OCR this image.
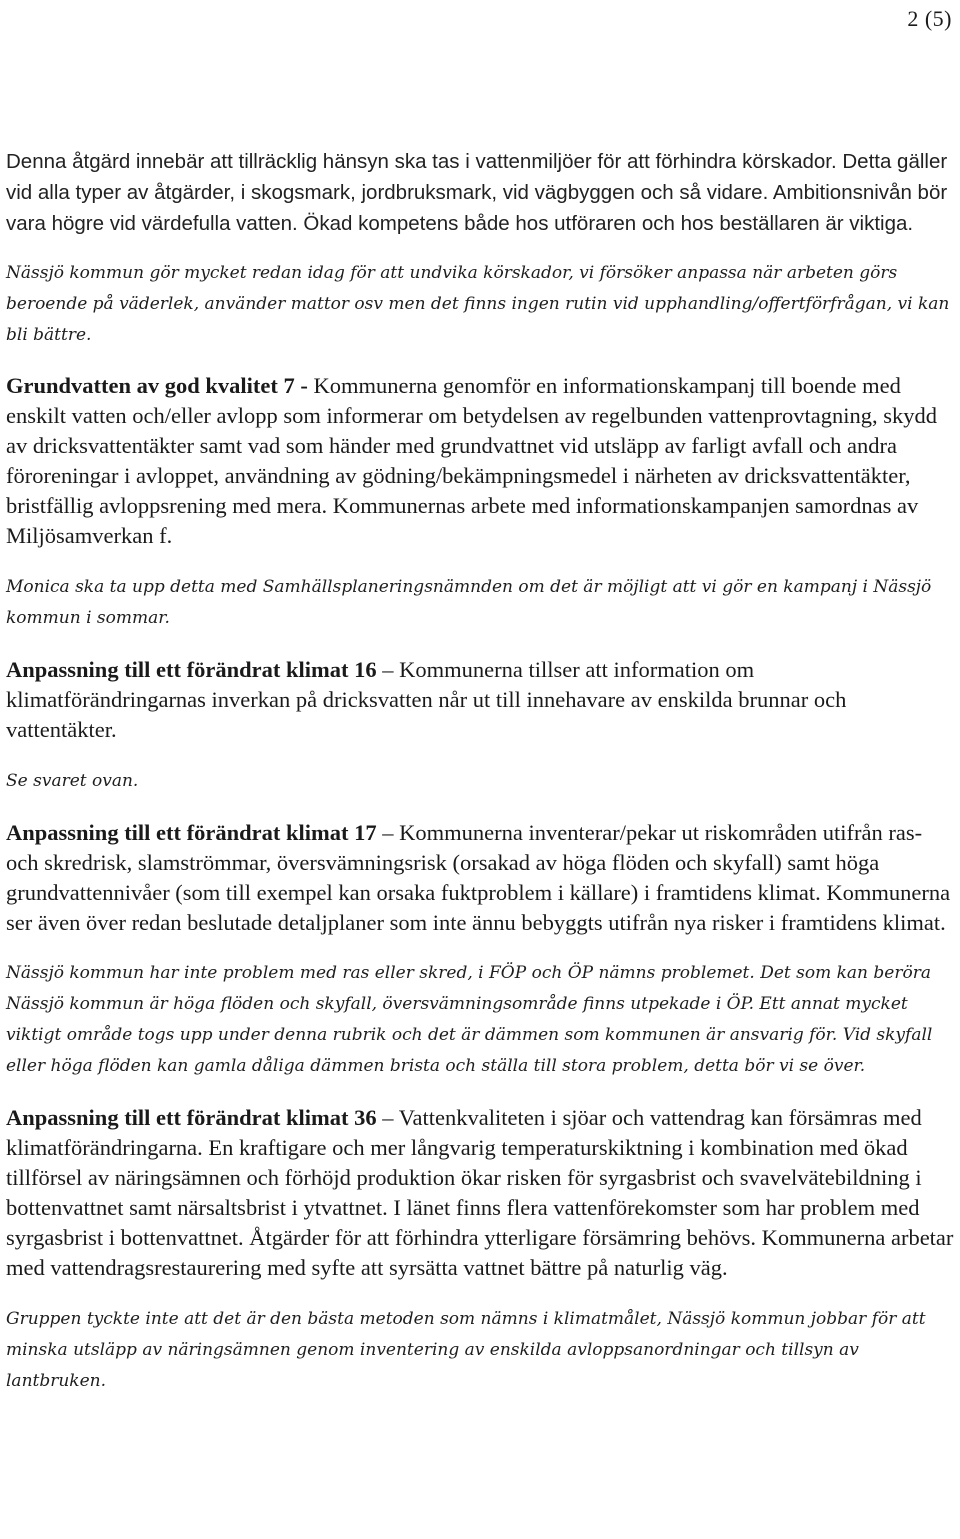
2 (5)

Denna åtgärd innebär att tillräcklig hänsyn ska tas i vattenmiljöer för att förhindra körskador. Detta gäller vid alla typer av åtgärder, i skogsmark, jordbruksmark, vid vägbyggen och så vidare. Ambitionsnivån bör vara högre vid värdefulla vatten. Ökad kompetens både hos utföraren och hos beställaren är viktiga.

Nässjö kommun gör mycket redan idag för att undvika körskador, vi försöker anpassa när arbeten görs beroende på väderlek, använder mattor osv men det finns ingen rutin vid upphandling/offertförfrågan, vi kan bli bättre.

Grundvatten av god kvalitet 7 - Kommunerna genomför en informationskampanj till boende med enskilt vatten och/eller avlopp som informerar om betydelsen av regelbunden vattenprovtagning, skydd av dricksvattentäkter samt vad som händer med grundvattnet vid utsläpp av farligt avfall och andra föroreningar i avloppet, användning av gödning/bekämpningsmedel i närheten av dricksvattentäkter, bristfällig avloppsrening med mera. Kommunernas arbete med informationskampanjen samordnas av Miljösamverkan f.

Monica ska ta upp detta med Samhällsplaneringsnämnden om det är möjligt att vi gör en kampanj i Nässjö kommun i sommar.

Anpassning till ett förändrat klimat 16 – Kommunerna tillser att information om klimatförändringarnas inverkan på dricksvatten når ut till innehavare av enskilda brunnar och vattentäkter.

Se svaret ovan.

Anpassning till ett förändrat klimat 17 – Kommunerna inventerar/pekar ut riskområden utifrån ras- och skredrisk, slamströmmar, översvämningsrisk (orsakad av höga flöden och skyfall) samt höga grundvattennivåer (som till exempel kan orsaka fuktproblem i källare) i framtidens klimat. Kommunerna ser även över redan beslutade detaljplaner som inte ännu bebyggts utifrån nya risker i framtidens klimat.

Nässjö kommun har inte problem med ras eller skred, i FÖP och ÖP nämns problemet. Det som kan beröra Nässjö kommun är höga flöden och skyfall, översvämningsområde finns utpekade i ÖP. Ett annat mycket viktigt område togs upp under denna rubrik och det är dämmen som kommunen är ansvarig för. Vid skyfall eller höga flöden kan gamla dåliga dämmen brista och ställa till stora problem, detta bör vi se över.

Anpassning till ett förändrat klimat 36 – Vattenkvaliteten i sjöar och vattendrag kan försämras med klimatförändringarna. En kraftigare och mer långvarig temperaturskiktning i kombination med ökad tillförsel av näringsämnen och förhöjd produktion ökar risken för syrgasbrist och svavelvätebildning i bottenvattnet samt närsaltsbrist i ytvattnet. I länet finns flera vattenförekomster som har problem med syrgasbrist i bottenvattnet. Åtgärder för att förhindra ytterligare försämring behövs. Kommunerna arbetar med vattendragsrestaurering med syfte att syrsätta vattnet bättre på naturlig väg.

Gruppen tyckte inte att det är den bästa metoden som nämns i klimatmålet, Nässjö kommun jobbar för att minska utsläpp av näringsämnen genom inventering av enskilda avloppsanordningar och tillsyn av lantbruken.
